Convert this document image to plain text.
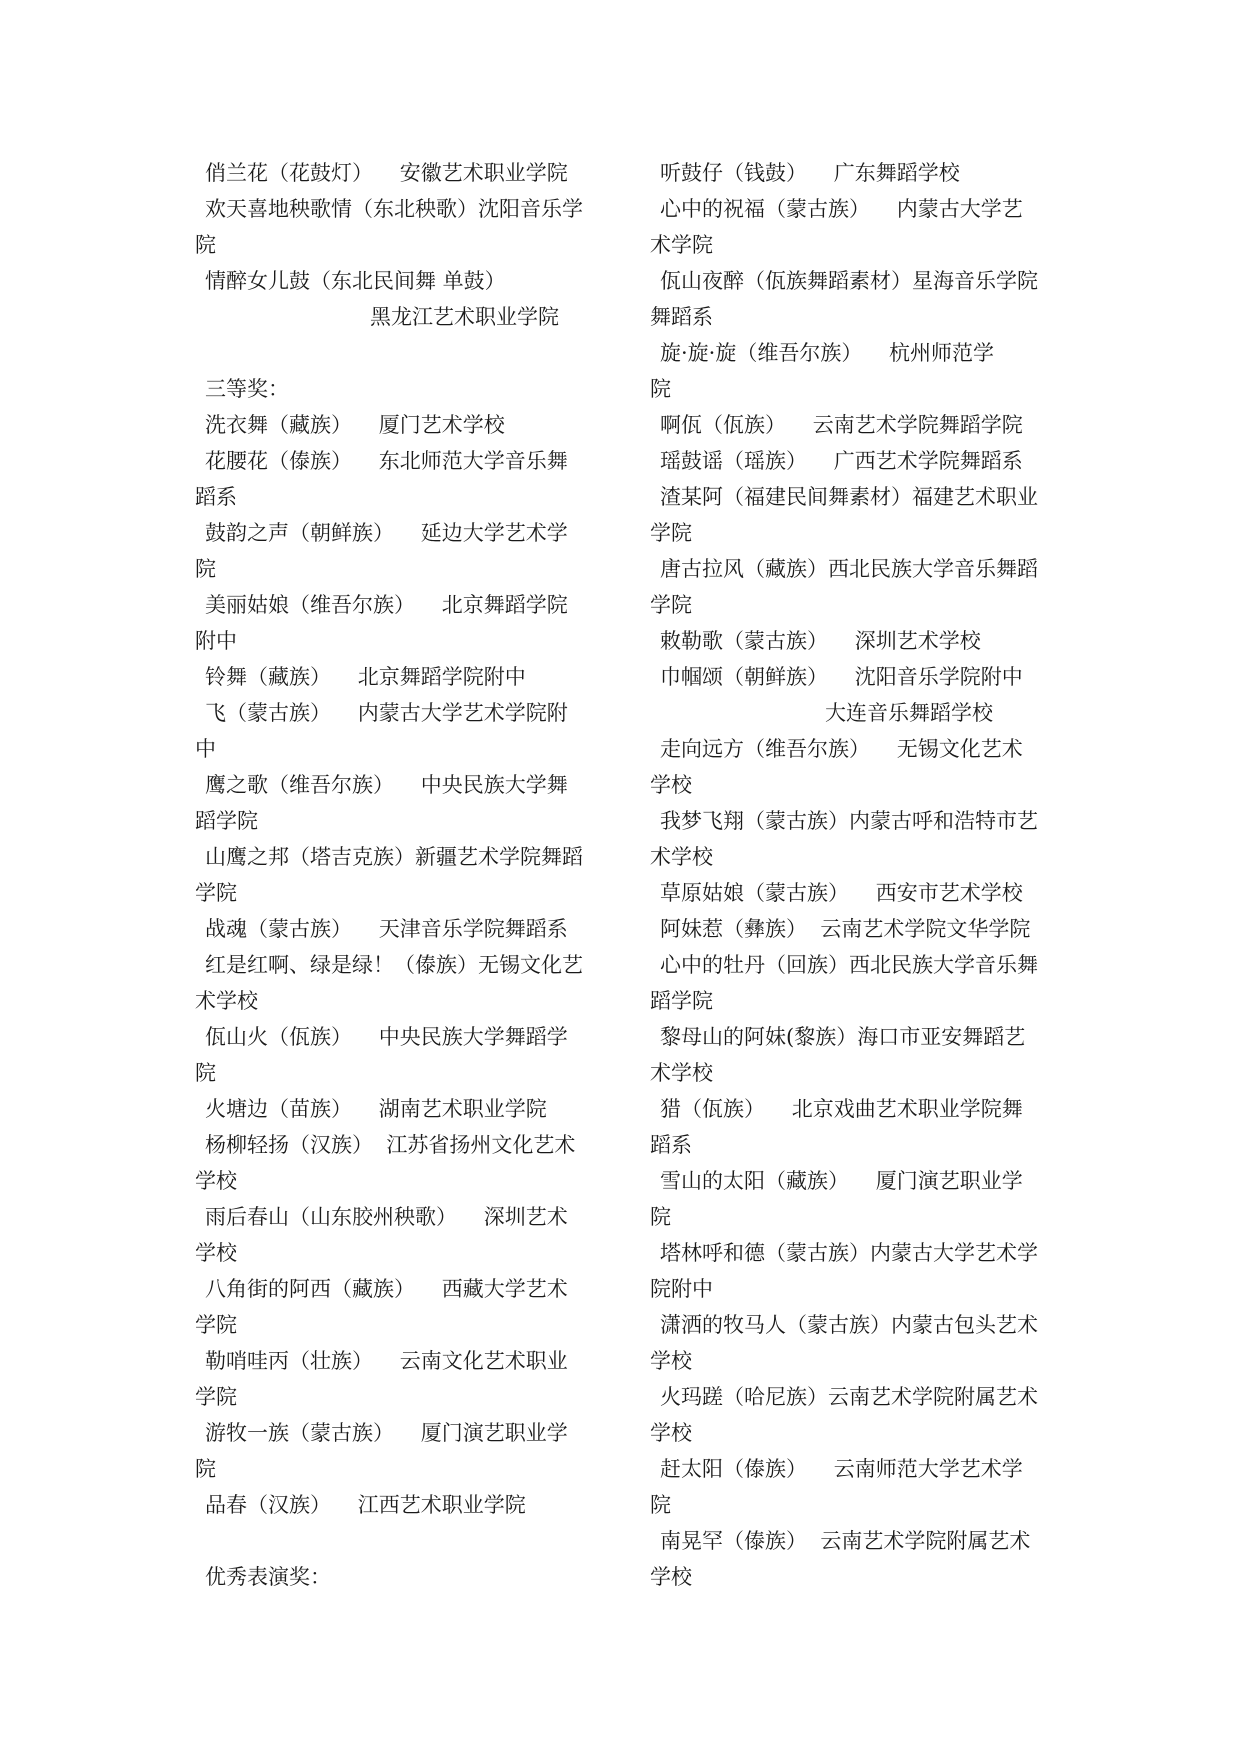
俏兰花（花鼓灯）    安徽艺术职业学院
欢天喜地秧歌情（东北秧歌）沈阳音乐学
院
情醉女儿鼓（东北民间舞 单鼓）
黑龙江艺术职业学院
三等奖：
洗衣舞（藏族）    厦门艺术学校
花腰花（傣族）    东北师范大学音乐舞
蹈系
鼓韵之声（朝鲜族）    延边大学艺术学
院
美丽姑娘（维吾尔族）    北京舞蹈学院
附中
铃舞（藏族）    北京舞蹈学院附中
飞（蒙古族）    内蒙古大学艺术学院附
中
鹰之歌（维吾尔族）    中央民族大学舞
蹈学院
山鹰之邦（塔吉克族）新疆艺术学院舞蹈
学院
战魂（蒙古族）    天津音乐学院舞蹈系
红是红啊、绿是绿！（傣族）无锡文化艺
术学校
佤山火（佤族）    中央民族大学舞蹈学
院
火塘边（苗族）    湖南艺术职业学院
杨柳轻扬（汉族）  江苏省扬州文化艺术
学校
雨后春山（山东胶州秧歌）    深圳艺术
学校
八角街的阿西（藏族）    西藏大学艺术
学院
勒哨哇丙（壮族）    云南文化艺术职业
学院
游牧一族（蒙古族）    厦门演艺职业学
院
品春（汉族）    江西艺术职业学院
优秀表演奖：
听鼓仔（钱鼓）    广东舞蹈学校
心中的祝福（蒙古族）    内蒙古大学艺
术学院
佤山夜醉（佤族舞蹈素材）星海音乐学院
舞蹈系
旋·旋·旋（维吾尔族）    杭州师范学
院
啊佤（佤族）    云南艺术学院舞蹈学院
瑶鼓谣（瑶族）    广西艺术学院舞蹈系
渣某阿（福建民间舞素材）福建艺术职业
学院
唐古拉风（藏族）西北民族大学音乐舞蹈
学院
敕勒歌（蒙古族）    深圳艺术学校
巾帼颂（朝鲜族）    沈阳音乐学院附中
大连音乐舞蹈学校
走向远方（维吾尔族）    无锡文化艺术
学校
我梦飞翔（蒙古族）内蒙古呼和浩特市艺
术学校
草原姑娘（蒙古族）    西安市艺术学校
阿妹惹（彝族）  云南艺术学院文华学院
心中的牡丹（回族）西北民族大学音乐舞
蹈学院
黎母山的阿妹(黎族）海口市亚安舞蹈艺
术学校
猎（佤族）    北京戏曲艺术职业学院舞
蹈系
雪山的太阳（藏族）    厦门演艺职业学
院
塔林呼和德（蒙古族）内蒙古大学艺术学
院附中
潇洒的牧马人（蒙古族）内蒙古包头艺术
学校
火玛蹉（哈尼族）云南艺术学院附属艺术
学校
赶太阳（傣族）    云南师范大学艺术学
院
南晃罕（傣族）  云南艺术学院附属艺术
学校
